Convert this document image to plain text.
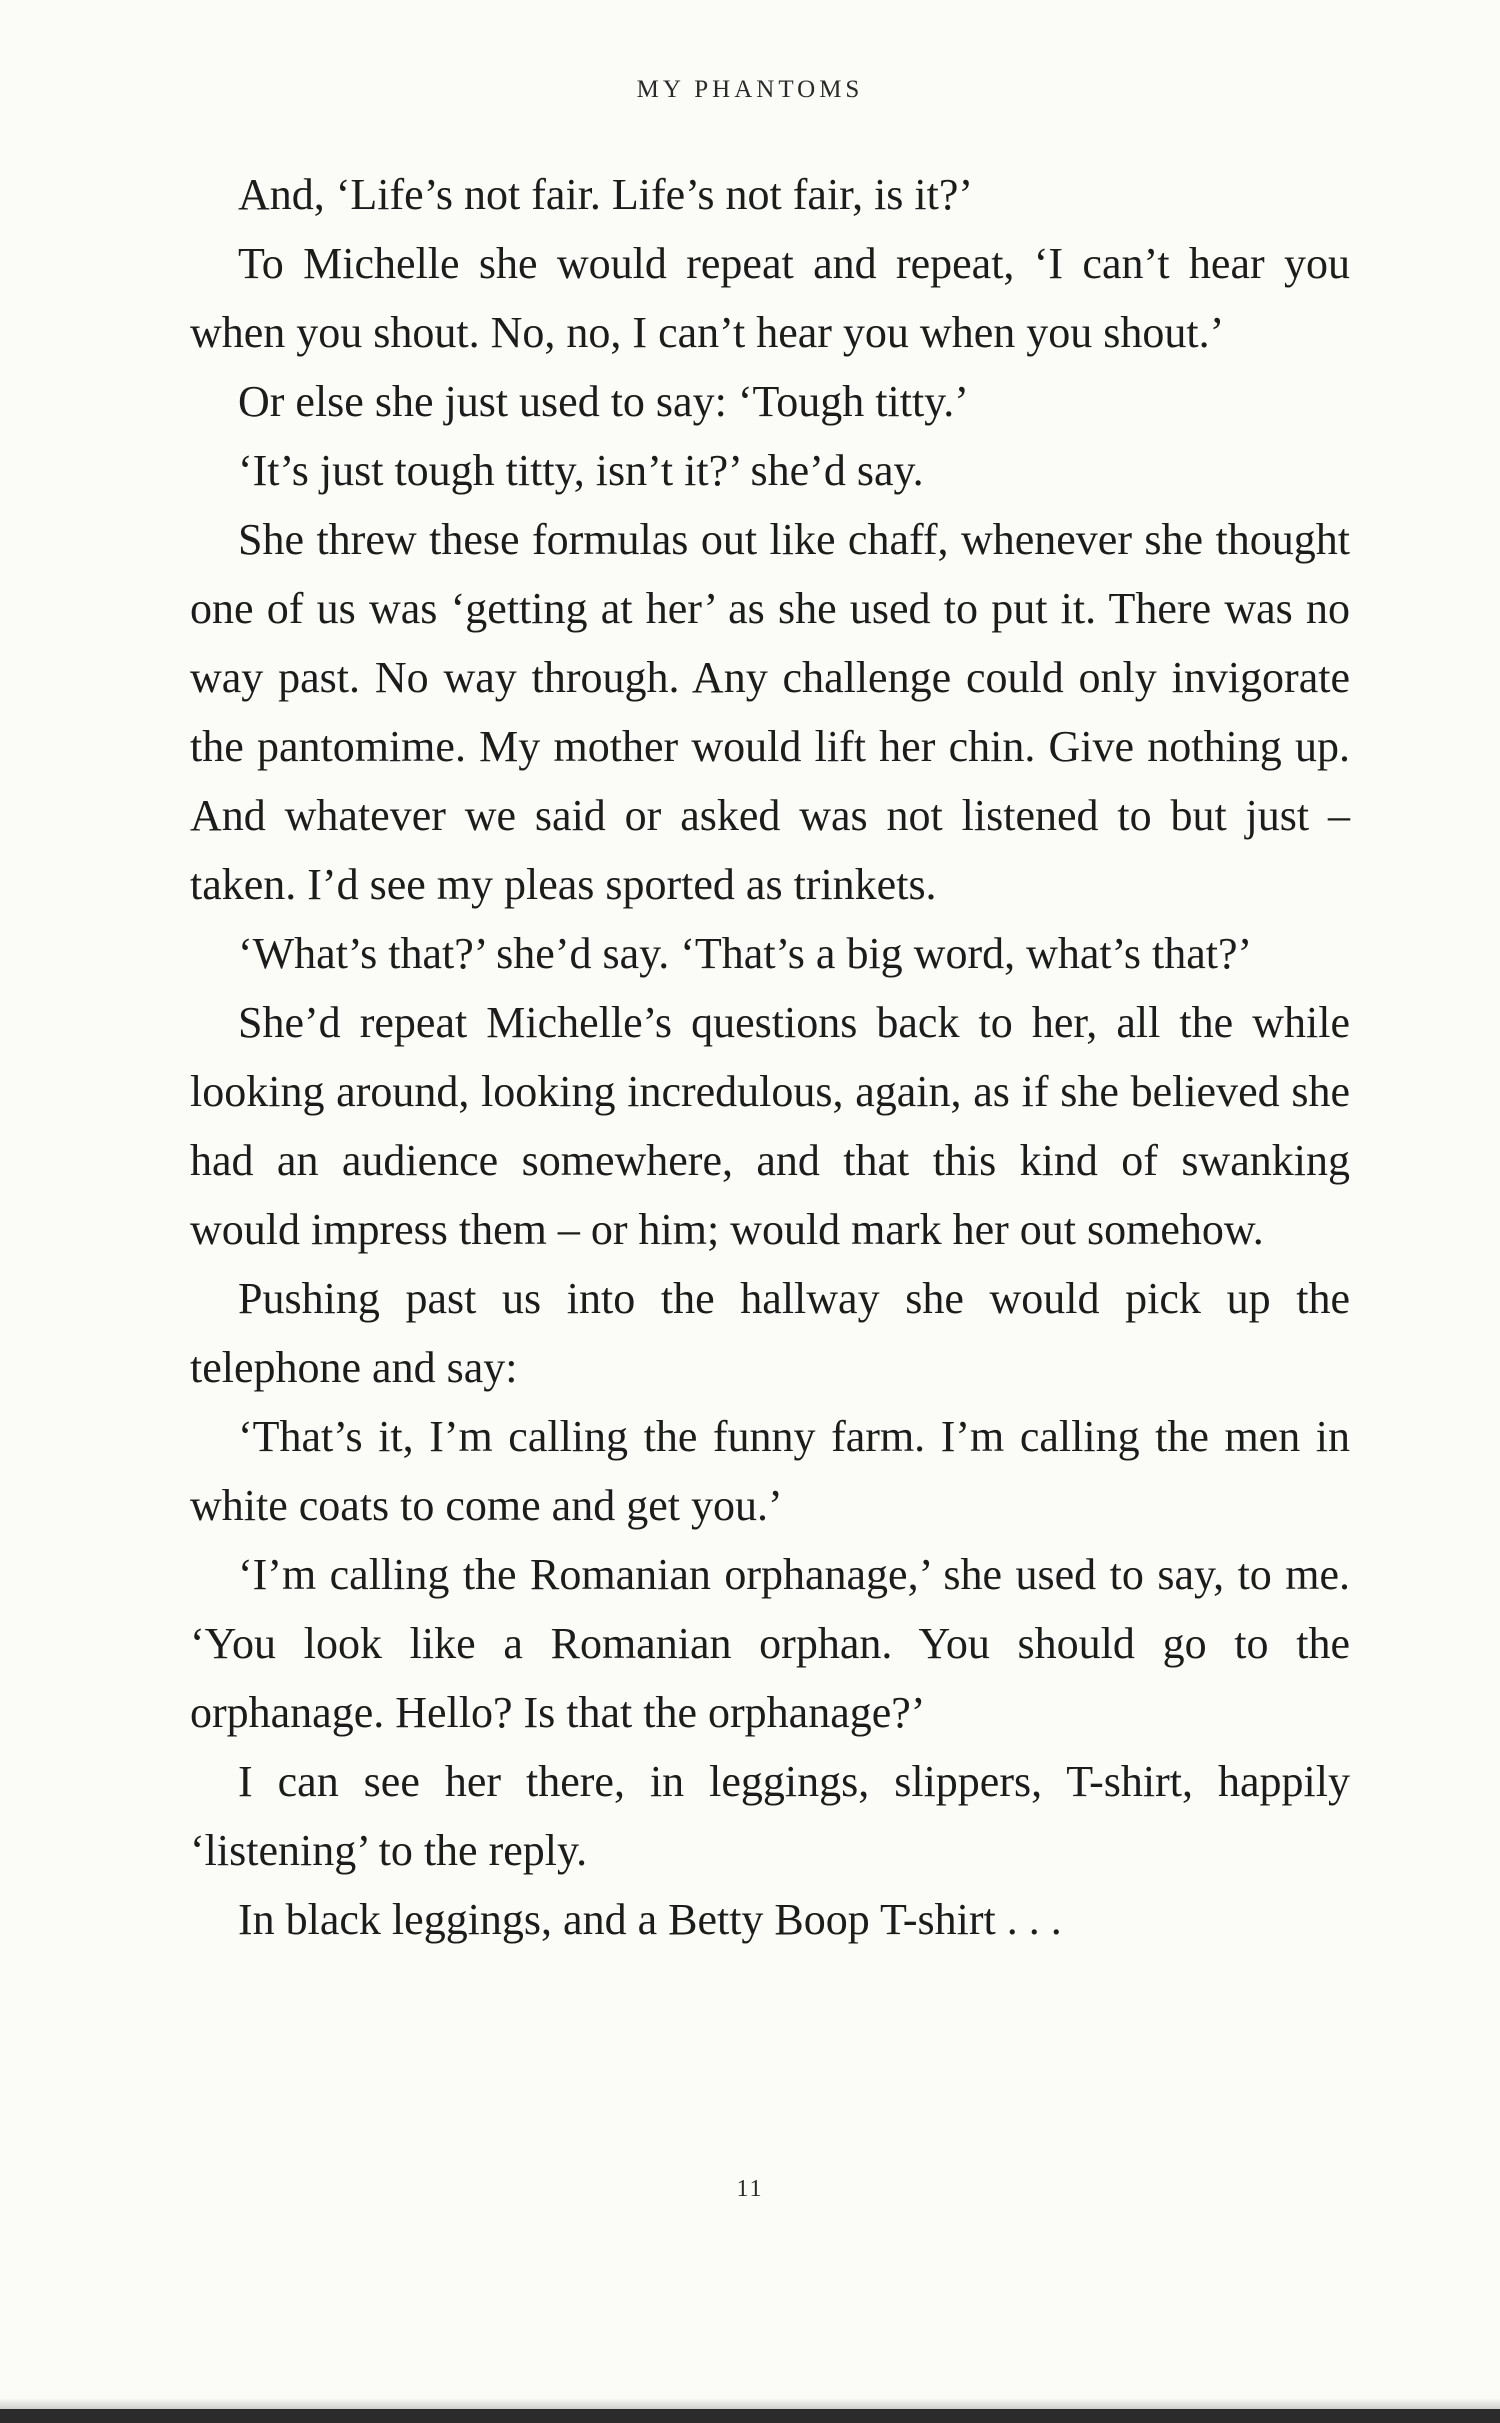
MY PHANTOMS

And, ‘Life’s not fair. Life’s not fair, is it?’

To Michelle she would repeat and repeat, ‘I can’t hear you when you shout. No, no, I can’t hear you when you shout.’

Or else she just used to say: ‘Tough titty.’

‘It’s just tough titty, isn’t it?’ she’d say.

She threw these formulas out like chaff, whenever she thought one of us was ‘getting at her’ as she used to put it. There was no way past. No way through. Any challenge could only invigorate the pantomime. My mother would lift her chin. Give nothing up. And whatever we said or asked was not listened to but just – taken. I’d see my pleas sported as trinkets.

‘What’s that?’ she’d say. ‘That’s a big word, what’s that?’

She’d repeat Michelle’s questions back to her, all the while looking around, looking incredulous, again, as if she believed she had an audience somewhere, and that this kind of swanking would impress them – or him; would mark her out somehow.

Pushing past us into the hallway she would pick up the telephone and say:

‘That’s it, I’m calling the funny farm. I’m calling the men in white coats to come and get you.’

‘I’m calling the Romanian orphanage,’ she used to say, to me. ‘You look like a Romanian orphan. You should go to the orphanage. Hello? Is that the orphanage?’

I can see her there, in leggings, slippers, T-shirt, happily ‘listening’ to the reply.

In black leggings, and a Betty Boop T-shirt . . .

11
